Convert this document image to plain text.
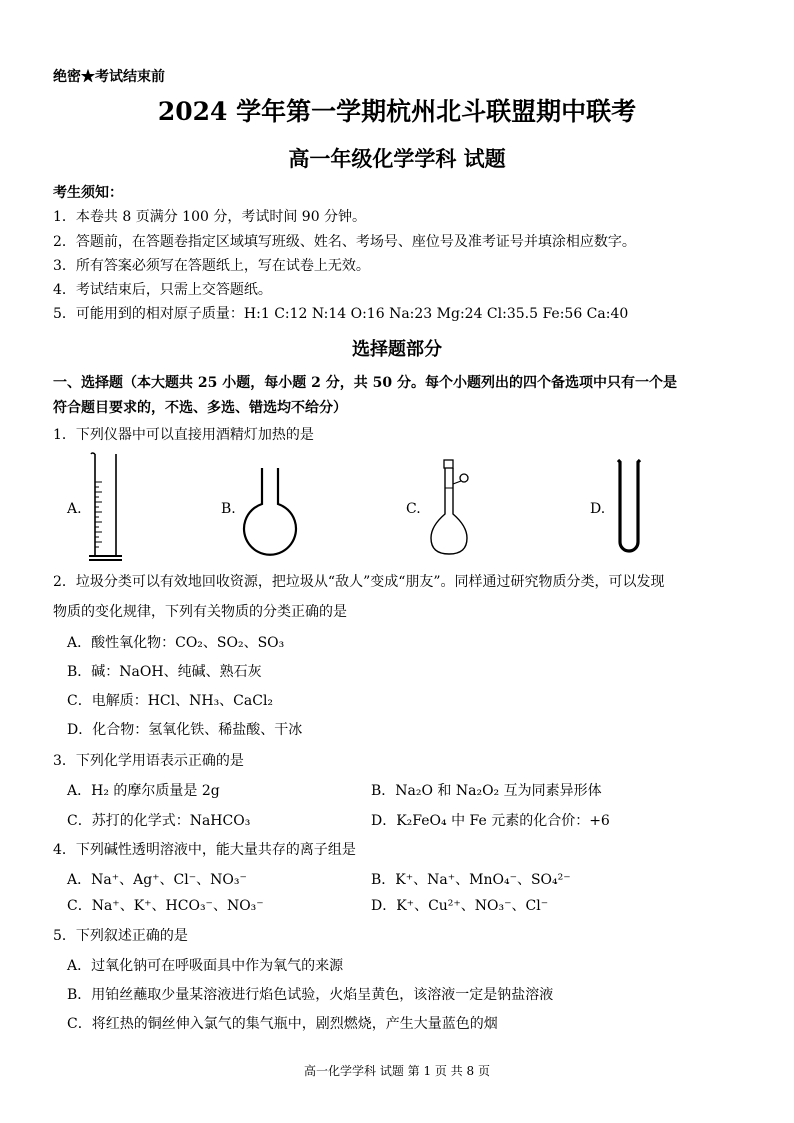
绝密★考试结束前
2024 学年第一学期杭州北斗联盟期中联考
高一年级化学学科 试题
考生须知：
1．本卷共 8 页满分 100 分，考试时间 90 分钟。
2．答题前，在答题卷指定区域填写班级、姓名、考场号、座位号及准考证号并填涂相应数字。
3．所有答案必须写在答题纸上，写在试卷上无效。
4．考试结束后，只需上交答题纸。
5．可能用到的相对原子质量：H:1 C:12 N:14 O:16 Na:23 Mg:24 Cl:35.5 Fe:56 Ca:40
选择题部分
一、选择题（本大题共 25 小题，每小题 2 分，共 50 分。每个小题列出的四个备选项中只有一个是
符合题目要求的，不选、多选、错选均不给分）
1．下列仪器中可以直接用酒精灯加热的是
A.	B.	C.	D.
2．垃圾分类可以有效地回收资源，把垃圾从“敌人”变成“朋友”。同样通过研究物质分类，可以发现
物质的变化规律，下列有关物质的分类正确的是
A．酸性氧化物：CO₂、SO₂、SO₃
B．碱：NaOH、纯碱、熟石灰
C．电解质：HCl、NH₃、CaCl₂
D．化合物：氢氧化铁、稀盐酸、干冰
3．下列化学用语表示正确的是
A．H₂ 的摩尔质量是 2g	B．Na₂O 和 Na₂O₂ 互为同素异形体
C．苏打的化学式：NaHCO₃	D．K₂FeO₄ 中 Fe 元素的化合价：+6
4．下列碱性透明溶液中，能大量共存的离子组是
A．Na⁺、Ag⁺、Cl⁻、NO₃⁻	B．K⁺、Na⁺、MnO₄⁻、SO₄²⁻
C．Na⁺、K⁺、HCO₃⁻、NO₃⁻	D．K⁺、Cu²⁺、NO₃⁻、Cl⁻
5．下列叙述正确的是
A．过氧化钠可在呼吸面具中作为氧气的来源
B．用铂丝蘸取少量某溶液进行焰色试验，火焰呈黄色，该溶液一定是钠盐溶液
C．将红热的铜丝伸入氯气的集气瓶中，剧烈燃烧，产生大量蓝色的烟
高一化学学科 试题 第 1 页 共 8 页
